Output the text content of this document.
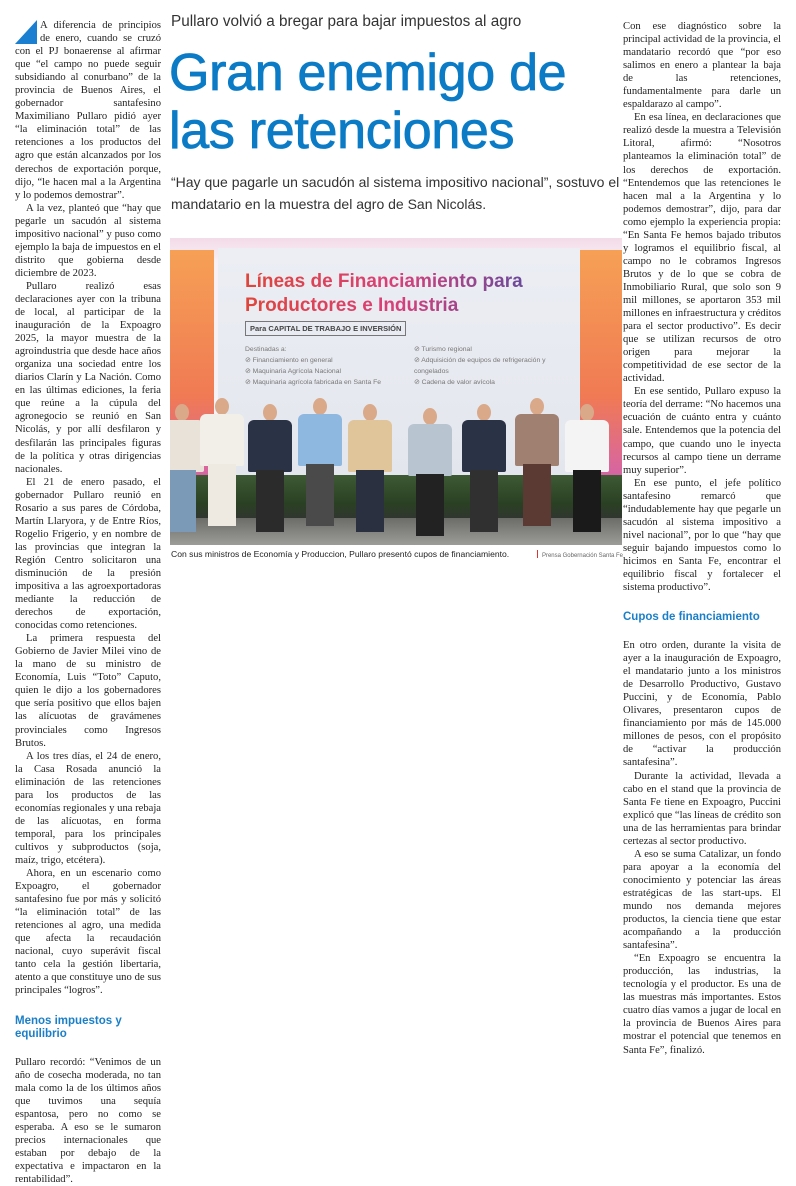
Pullaro volvió a bregar para bajar impuestos al agro
Gran enemigo de
las retenciones
“Hay que pagarle un sacudón al sistema impositivo nacional”, sostuvo el mandatario en la muestra del agro de San Nicolás.

A diferencia de principios de enero, cuando se cruzó con el PJ bonaerense al afirmar que “el campo no puede seguir subsidiando al conurbano” de la provincia de Buenos Aires, el gobernador santafesino Maximiliano Pullaro pidió ayer “la eliminación total” de las retenciones a los productos del agro que están alcanzados por los derechos de exportación porque, dijo, “le hacen mal a la Argentina y lo podemos demostrar”.

A la vez, planteó que “hay que pegarle un sacudón al sistema impositivo nacional” y puso como ejemplo la baja de impuestos en el distrito que gobierna desde diciembre de 2023.

Pullaro realizó esas declaraciones ayer con la tribuna de local, al participar de la inauguración de la Expoagro 2025, la mayor muestra de la agroindustria que desde hace años organiza una sociedad entre los diarios Clarín y La Nación. Como en las últimas ediciones, la feria que reúne a la cúpula del agronegocio se reunió en San Nicolás, y por allí desfilaron y desfilarán las principales figuras de la política y otras dirigencias nacionales.

El 21 de enero pasado, el gobernador Pullaro reunió en Rosario a sus pares de Córdoba, Martín Llaryora, y de Entre Ríos, Rogelio Frigerio, y en nombre de las provincias que integran la Región Centro solicitaron una disminución de la presión impositiva a las agroexportadoras mediante la reducción de derechos de exportación, conocidas como retenciones.

La primera respuesta del Gobierno de Javier Milei vino de la mano de su ministro de Economía, Luis “Toto” Caputo, quien le dijo a los gobernadores que sería positivo que ellos bajen las alícuotas de gravámenes provinciales como Ingresos Brutos.

A los tres días, el 24 de enero, la Casa Rosada anunció la eliminación de las retenciones para los productos de las economías regionales y una rebaja de las alícuotas, en forma temporal, para los principales cultivos y subproductos (soja, maíz, trigo, etcétera).

Ahora, en un escenario como Expoagro, el gobernador santafesino fue por más y solicitó “la eliminación total” de las retenciones al agro, una medida que afecta la recaudación nacional, cuyo superávit fiscal tanto cela la gestión libertaria, atento a que constituye uno de sus principales “logros”.

Menos impuestos y equilibrio

Pullaro recordó: “Venimos de un año de cosecha moderada, no tan mala como la de los últimos años que tuvimos una sequía espantosa, pero no como se esperaba. A eso se le sumaron precios internacionales que estaban por debajo de la expectativa e impactaron en la rentabilidad”.

Con ese diagnóstico sobre la principal actividad de la provincia, el mandatario recordó que “por eso salimos en enero a plantear la baja de las retenciones, fundamentalmente para darle un espaldarazo al campo”.

En esa línea, en declaraciones que realizó desde la muestra a Televisión Litoral, afirmó: “Nosotros planteamos la eliminación total” de los derechos de exportación. “Entendemos que las retenciones le hacen mal a la Argentina y lo podemos demostrar”, dijo, para dar como ejemplo la experiencia propia: “En Santa Fe hemos bajado tributos y logramos el equilibrio fiscal, al campo no le cobramos Ingresos Brutos y de lo que se cobra de Inmobiliario Rural, que solo son 9 mil millones, se aportaron 353 mil millones en infraestructura y créditos para el sector productivo”. Es decir que se utilizan recursos de otro origen para mejorar la competitividad de ese sector de la actividad.

En ese sentido, Pullaro expuso la teoría del derrame: “No hacemos una ecuación de cuánto entra y cuánto sale. Entendemos que la potencia del campo, que cuando uno le inyecta recursos al campo tiene un derrame muy superior”.

En ese punto, el jefe político santafesino remarcó que “indudablemente hay que pegarle un sacudón al sistema impositivo a nivel nacional”, por lo que “hay que seguir bajando impuestos como lo hicimos en Santa Fe, encontrar el equilibrio fiscal y fortalecer el sistema productivo”.

Cupos de financiamiento

En otro orden, durante la visita de ayer a la inauguración de Expoagro, el mandatario junto a los ministros de Desarrollo Productivo, Gustavo Puccini, y de Economía, Pablo Olivares, presentaron cupos de financiamiento por más de 145.000 millones de pesos, con el propósito de “activar la producción santafesina”.

Durante la actividad, llevada a cabo en el stand que la provincia de Santa Fe tiene en Expoagro, Puccini explicó que “las líneas de crédito son una de las herramientas para brindar certezas al sector productivo.

A eso se suma Catalizar, un fondo para apoyar a la economía del conocimiento y potenciar las áreas estratégicas de las start-ups. El mundo nos demanda mejores productos, la ciencia tiene que estar acompañando a la producción santafesina”.

“En Expoagro se encuentra la producción, las industrias, la tecnología y el productor. Es una de las muestras más importantes. Estos cuatro días vamos a jugar de local en la provincia de Buenos Aires para mostrar el potencial que tenemos en Santa Fe”, finalizó.

Líneas de Financiamiento para
Productores e Industria
Para CAPITAL DE TRABAJO E INVERSIÓN
Destinadas a:
⊘ Financiamiento en general
⊘ Maquinaria Agrícola Nacional
⊘ Maquinaria agrícola fabricada en Santa Fe
⊘ Turismo regional
⊘ Adquisición de equipos de refrigeración y
congelados
⊘ Cadena de valor avícola
Con sus ministros de Economía y Produccion, Pullaro presentó cupos de financiamiento.	Prensa Gobernación Santa Fe
